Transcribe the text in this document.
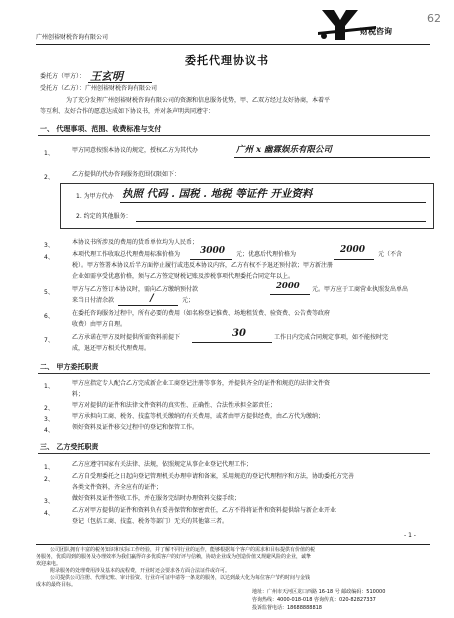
广州创裕财税咨询有限公司
财税咨询
62
委托代理协议书
委托方（甲方）： 王玄明
受托方（乙方）：广州创裕财税咨询有限公司
为了充分发挥广州创裕财税咨询有限公司的资源和信息服务优势，甲、乙双方经过友好协商，本着平
等互利、友好合作的愿意达成如下协议书，并对条声明共同遵守：
一、 代理事项、范围、收费标准与支付
1、	甲方同意按照本协议的规定，授权乙方为其代办	广州 x 幽霖娱乐有限公司
2、	乙方提供的代办咨询服务范围仅限如下：
1. 为甲方代办 执照 代码 . 国税 . 地税 等证件 开业资料
2. 约定的其他服务：
3、	本协议书所涉及的费用的货币单位均为人民币；
4、	本项代理工作收取总代理费用标准价格为 3000 元；优惠后代理价格为	2000 元（不含
税）。甲方签署本协议后半方面停止履行或违反本协议内容，乙方有权不予退还预付款；甲方新注册
企业如需享受优惠价格，须与乙方签定财税记账及涉税事项代理委托合同定年以上。
5、	甲方与乙方签订本协议时，需向乙方缴纳预付款	2000 元。甲方应于工商营业执照发出单出
来当日付清余款	/	元；
6、	在委托咨询服务过程中，所有必要的费用（如名称登记推费、场地租赁费、验资费、公告费等政府
收费）由甲方自理。
7、	乙方承诺在甲方及时提供所需资料前提下	30	工作日内完成合同规定事项，如不能按时完
成，退还甲方相关代理费用。
二、 甲方委托职责
1、	甲方应指定专人配合乙方完成新企业工商登记注册等事务，并提供齐全的证件和规范的法律文件资
料；
2、	甲方对提供的证件和法律文件资料的真实性、正确性、合法性承担全部责任；
3、	甲方承担向工商、税务、技监等机关缴纳的有关费用，或者由甲方提供经费，由乙方代为缴纳；
4、	领好资料及证件移交过程中的登记和保管工作。
三、 乙方受托职责
1、	乙方应遵守国家有关法律、法规，依照规定从事企业登记代理工作；
2、	乙方自受理委托之日起向登记管理机关办理申请和备案，采用规范的登记代理程序和方法，协助委托方完善
各类文件资料，齐全应有的证件；
3、	做好资料及证件签收工作，并在服务完结时办理资料交接手续；
4、	乙方对甲方提供的证件和资料负有妥善保管和保密责任，乙方不得将证件和资料提供给与新企业开业
登记（包括工商、技监、税务等部门）无关的其他第三者。
- 1 -
公司团队拥有丰富的税务知识和实际工作经验，并了解不同行业的运作，能够根据每个客户的需求和目标提供有价值的税
务服务，优质周到的服务及办理效率为我们赢得许多优质客户的好评与信赖，协助企业成为创造价值又规避风险的企业，诚挚
欢迎来电。
附录服务的处理费用涉及基本的流程费，开业时还会要求各方面合法证件或许可。
公司提供公司注册、代理记账、审计验资、行业许可证申请等一条龙的服务，以达到最大化为每位客户节约时间与金钱
成本的最终目标。
地址：广州市天河区龙口西路 16-18 号 邮政编码：510000
咨询热线：4000-018-018 咨询传真：020-82827337
投诉监督电话：18688888818
